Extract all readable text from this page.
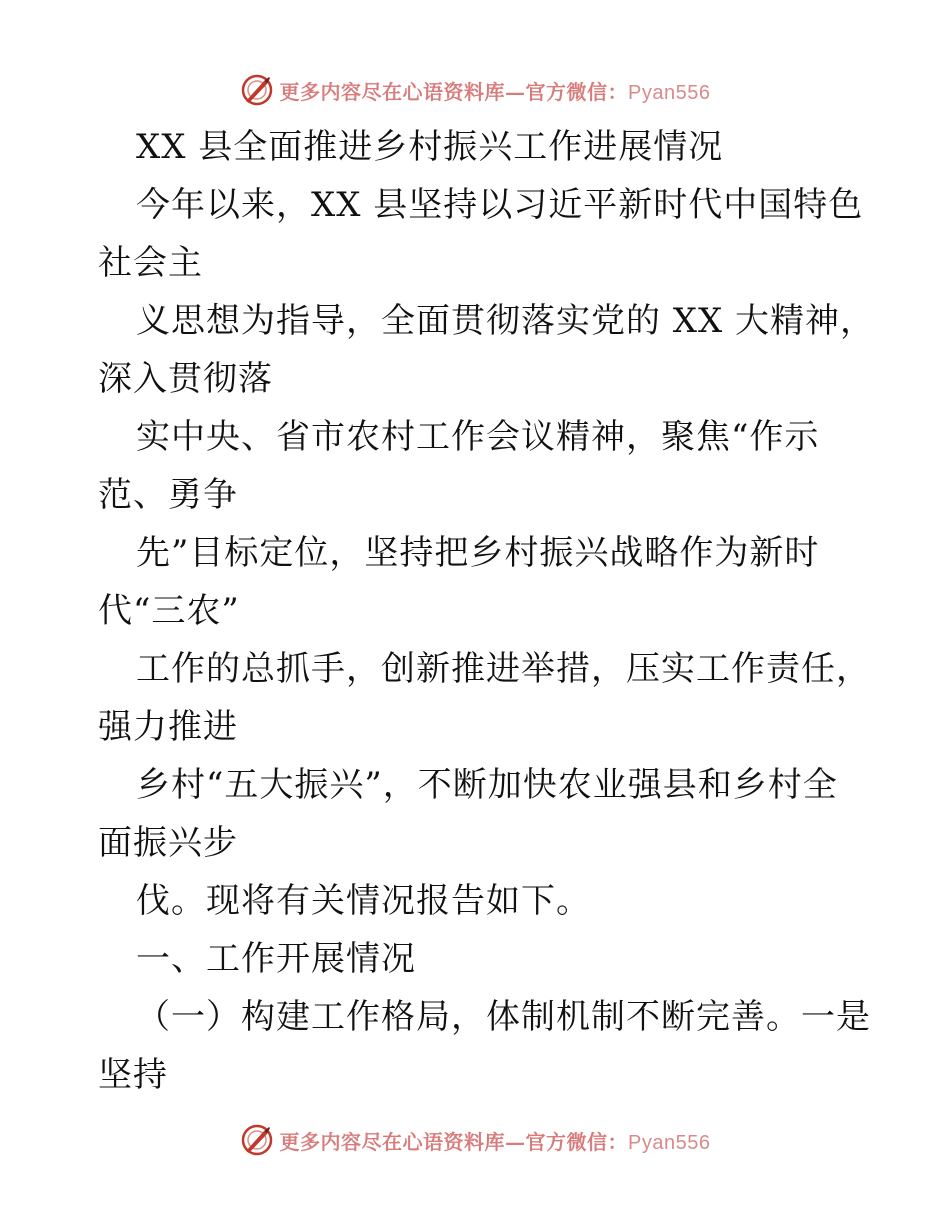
更多内容尽在心语资料库—官方微信：Pyan556
XX 县全面推进乡村振兴工作进展情况
今年以来，XX 县坚持以习近平新时代中国特色
社会主
义思想为指导，全面贯彻落实党的 XX 大精神，
深入贯彻落
实中央、省市农村工作会议精神，聚焦“作示
范、勇争
先”目标定位，坚持把乡村振兴战略作为新时
代“三农”
工作的总抓手，创新推进举措，压实工作责任，
强力推进
乡村“五大振兴”，不断加快农业强县和乡村全
面振兴步
伐。现将有关情况报告如下。
一、工作开展情况
（一）构建工作格局，体制机制不断完善。一是
坚持
更多内容尽在心语资料库—官方微信：Pyan556
